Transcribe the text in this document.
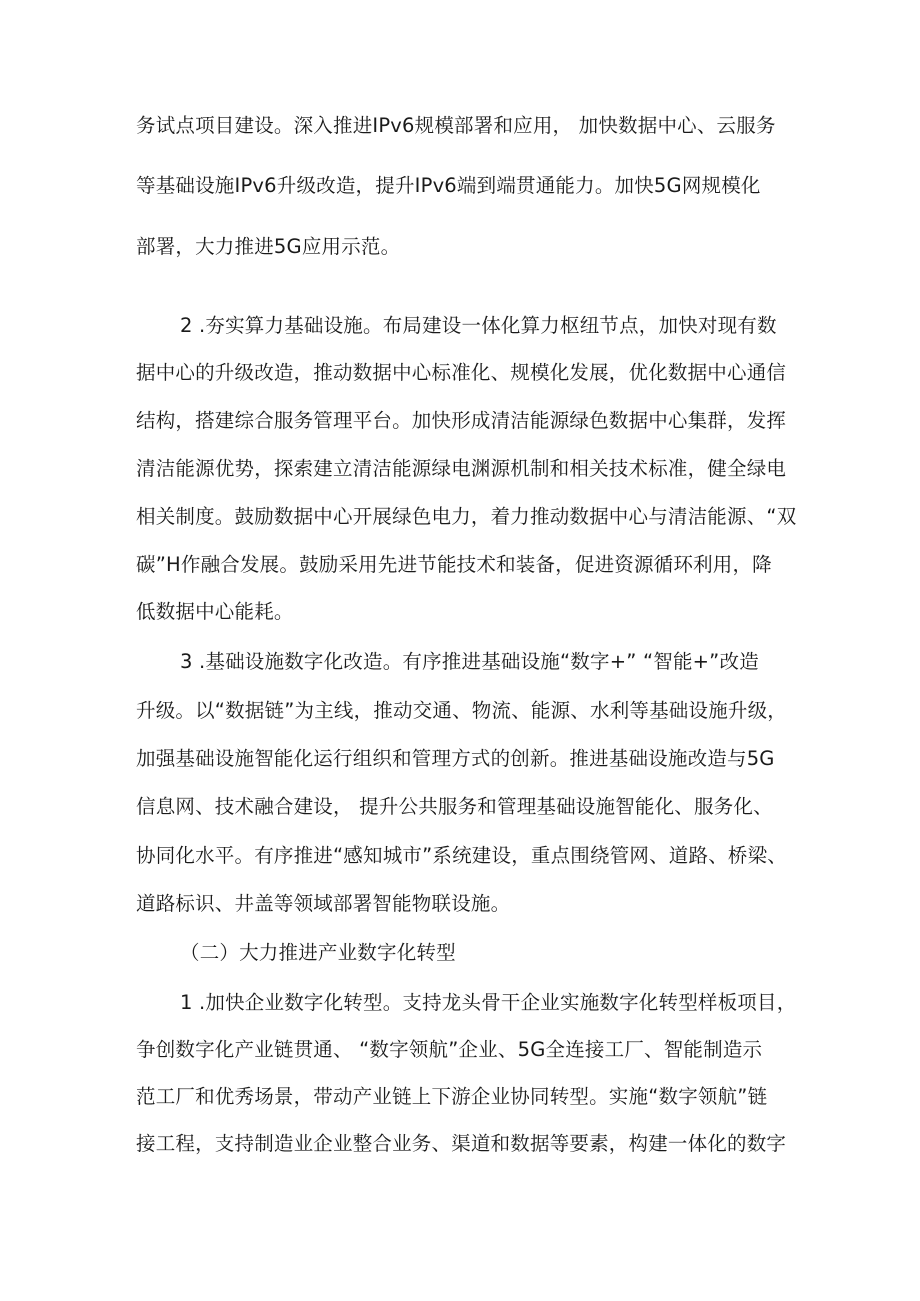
务试点项目建设。深入推进IPv6规模部署和应用， 加快数据中心、云服务
等基础设施IPv6升级改造，提升IPv6端到端贯通能力。加快5G网规模化
部署，大力推进5G应用示范。
2 .夯实算力基础设施。布局建设一体化算力枢纽节点，加快对现有数
据中心的升级改造，推动数据中心标准化、规模化发展，优化数据中心通信
结构，搭建综合服务管理平台。加快形成清洁能源绿色数据中心集群，发挥
清洁能源优势，探索建立清洁能源绿电渊源机制和相关技术标准，健全绿电
相关制度。鼓励数据中心开展绿色电力，着力推动数据中心与清洁能源、“双
碳”H作融合发展。鼓励采用先进节能技术和装备，促进资源循环利用，降
低数据中心能耗。
3 .基础设施数字化改造。有序推进基础设施“数字+” “智能+”改造
升级。以“数据链”为主线，推动交通、物流、能源、水利等基础设施升级，
加强基础设施智能化运行组织和管理方式的创新。推进基础设施改造与5G
信息网、技术融合建设， 提升公共服务和管理基础设施智能化、服务化、
协同化水平。有序推进“感知城市”系统建设，重点围绕管网、道路、桥梁、
道路标识、井盖等领域部署智能物联设施。
（二）大力推进产业数字化转型
1 .加快企业数字化转型。支持龙头骨干企业实施数字化转型样板项目，
争创数字化产业链贯通、 “数字领航”企业、5G全连接工厂、智能制造示
范工厂和优秀场景，带动产业链上下游企业协同转型。实施“数字领航”链
接工程，支持制造业企业整合业务、渠道和数据等要素，构建一体化的数字
